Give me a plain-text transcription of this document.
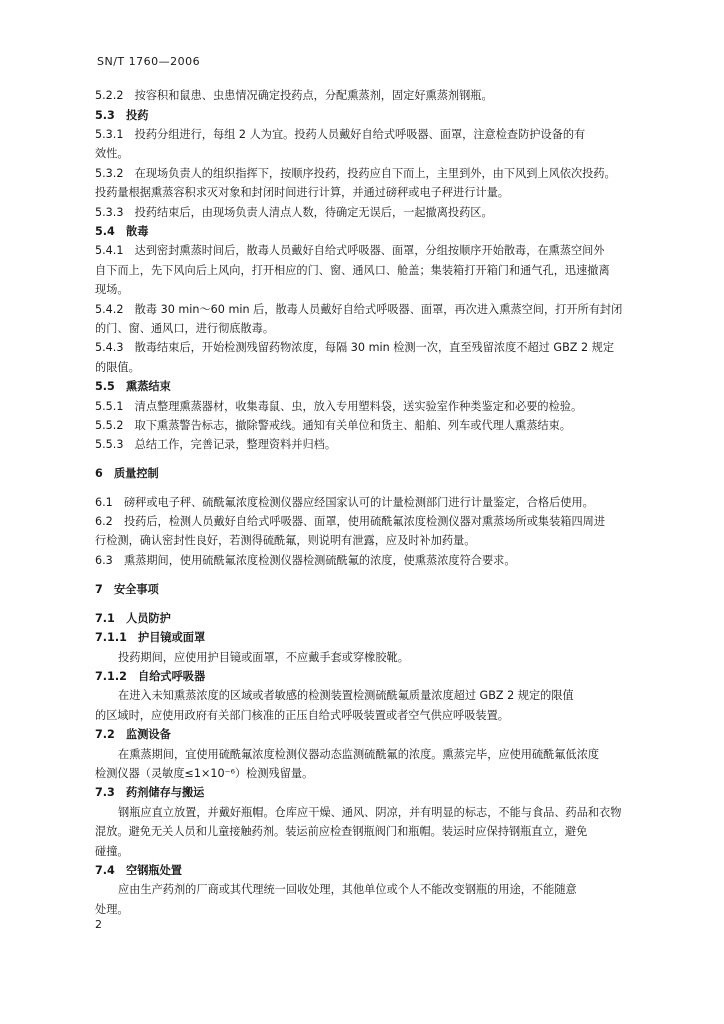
SN/T 1760—2006
5.2.2　按容积和鼠患、虫患情况确定投药点，分配熏蒸剂，固定好熏蒸剂钢瓶。
5.3　投药
5.3.1　投药分组进行，每组 2 人为宜。投药人员戴好自给式呼吸器、面罩，注意检查防护设备的有
效性。
5.3.2　在现场负责人的组织指挥下，按顺序投药，投药应自下而上，主里到外，由下风到上风依次投药。
投药量根据熏蒸容积求灭对象和封闭时间进行计算，并通过磅秤或电子秤进行计量。
5.3.3　投药结束后，由现场负责人清点人数，待确定无误后，一起撤离投药区。
5.4　散毒
5.4.1　达到密封熏蒸时间后，散毒人员戴好自给式呼吸器、面罩，分组按顺序开始散毒，在熏蒸空间外
自下而上，先下风向后上风向，打开相应的门、窗、通风口、舱盖；集装箱打开箱门和通气孔，迅速撤离
现场。
5.4.2　散毒 30 min～60 min 后，散毒人员戴好自给式呼吸器、面罩，再次进入熏蒸空间，打开所有封闭
的门、窗、通风口，进行彻底散毒。
5.4.3　散毒结束后，开始检测残留药物浓度，每隔 30 min 检测一次，直至残留浓度不超过 GBZ 2 规定
的限值。
5.5　熏蒸结束
5.5.1　清点整理熏蒸器材，收集毒鼠、虫，放入专用塑料袋，送实验室作种类鉴定和必要的检验。
5.5.2　取下熏蒸警告标志，撤除警戒线。通知有关单位和货主、船舶、列车或代理人熏蒸结束。
5.5.3　总结工作，完善记录，整理资料并归档。
6　质量控制
6.1　磅秤或电子秤、硫酰氟浓度检测仪器应经国家认可的计量检测部门进行计量鉴定，合格后使用。
6.2　投药后，检测人员戴好自给式呼吸器、面罩，使用硫酰氟浓度检测仪器对熏蒸场所或集装箱四周进
行检测，确认密封性良好，若测得硫酰氟，则说明有泄露，应及时补加药量。
6.3　熏蒸期间，使用硫酰氟浓度检测仪器检测硫酰氟的浓度，使熏蒸浓度符合要求。
7　安全事项
7.1　人员防护
7.1.1　护目镜或面罩
投药期间，应使用护目镜或面罩，不应戴手套或穿橡胶靴。
7.1.2　自给式呼吸器
在进入未知熏蒸浓度的区域或者敏感的检测装置检测硫酰氟质量浓度超过 GBZ 2 规定的限值
的区域时，应使用政府有关部门核准的正压自给式呼吸装置或者空气供应呼吸装置。
7.2　监测设备
在熏蒸期间，宜使用硫酰氟浓度检测仪器动态监测硫酰氟的浓度。熏蒸完毕，应使用硫酰氟低浓度
检测仪器（灵敏度≤1×10⁻⁶）检测残留量。
7.3　药剂储存与搬运
钢瓶应直立放置，并戴好瓶帽。仓库应干燥、通风、阴凉，并有明显的标志，不能与食品、药品和衣物
混放。避免无关人员和儿童接触药剂。装运前应检查钢瓶阀门和瓶帽。装运时应保持钢瓶直立，避免
碰撞。
7.4　空钢瓶处置
应由生产药剂的厂商或其代理统一回收处理，其他单位或个人不能改变钢瓶的用途，不能随意
处理。
2
